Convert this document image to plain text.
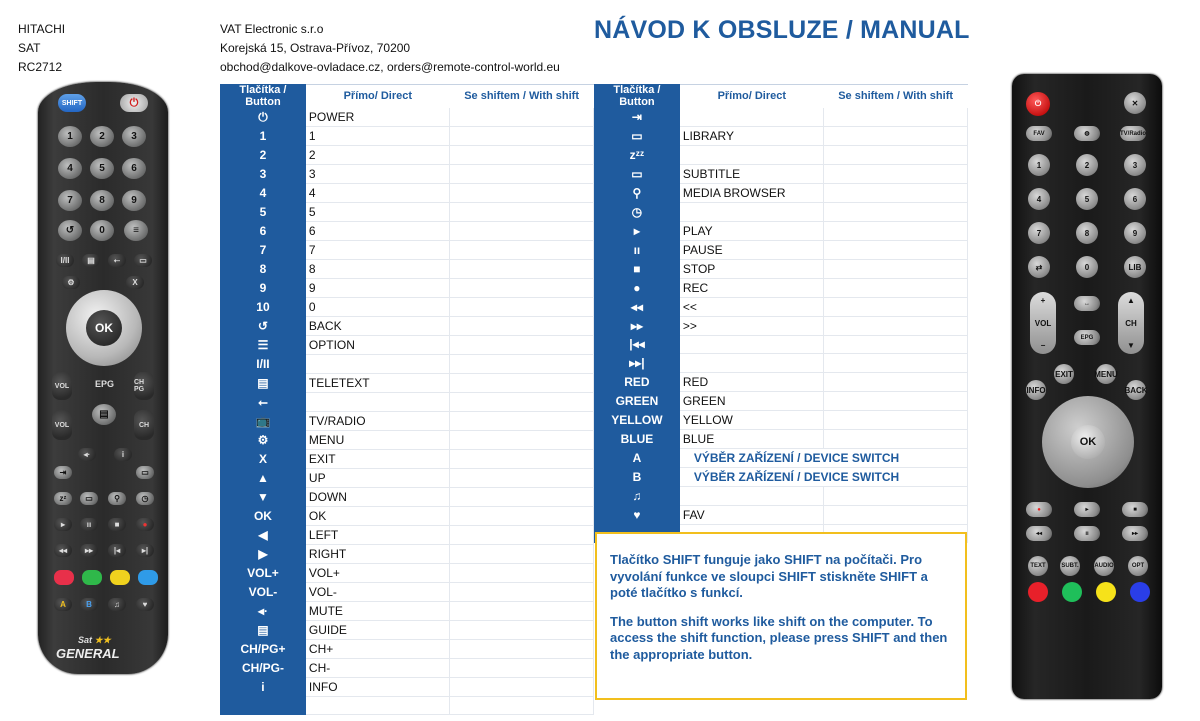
HITACHI
SAT
RC2712
VAT Electronic s.r.o
Korejská 15, Ostrava-Přívoz, 70200
obchod@dalkove-ovladace.cz, orders@remote-control-world.eu
NÁVOD K OBSLUZE / MANUAL
SHIFT	⏻
1	2	3
4	5	6
7	8	9
0
↺	≡
I/II	▤	⭠	▭
⚙	X
OK
VOL	EPG	CH PG
VOL
▤
CH
◂·	i
⇥	▭
zᶻ	▭	⚲	◷
▸	ıı	■	●
◂◂	▸▸	|◂	▸|
A	B	♫	♥
Sat ★★
GENERAL
⏻	✕
FAV	◍	TV/Radio
1	2	3
4	5	6
7	8	9
⇄	0	LIB
+
VOL
−
↔
EPG
▲
CH
▼
EXIT	MENU
INFO	BACK
OK
●	▸	■
◂◂	ıı	▸▸
TEXT	SUBT.	AUDIO	OPT
Tlačítka / Button	Přímo/ Direct	Se shiftem / With shift
⏻	POWER	
1	1	
2	2	
3	3	
4	4	
5	5	
6	6	
7	7	
8	8	
9	9	
10	0	
↺	BACK	
☰	OPTION	
I/II		
▤	TELETEXT	
⭠		
📺	TV/RADIO	
⚙	MENU	
X	EXIT	
▲	UP	
▼	DOWN	
OK	OK	
◀	LEFT	
▶	RIGHT	
VOL+	VOL+	
VOL-	VOL-	
◂·	MUTE	
▤	GUIDE	
CH/PG+	CH+	
CH/PG-	CH-	
i	INFO	

Tlačítka / Button	Přímo/ Direct	Se shiftem / With shift
⇥		
▭	LIBRARY	
zᶻᶻ		
▭	SUBTITLE	
⚲	MEDIA BROWSER	
◷		
▸	PLAY	
ıı	PAUSE	
■	STOP	
●	REC	
◂◂	<<	
▸▸	>>	
|◂◂		
▸▸|		
RED	RED	
GREEN	GREEN	
YELLOW	YELLOW	
BLUE	BLUE	
A	VÝBĚR ZAŘÍZENÍ / DEVICE SWITCH	
B	VÝBĚR ZAŘÍZENÍ / DEVICE SWITCH	
♫		
♥	FAV	

Tlačítko SHIFT funguje jako SHIFT na počítači. Pro vyvolání funkce ve sloupci SHIFT stiskněte SHIFT a poté tlačítko s funkcí.

The button shift works like shift on the computer. To access the shift function, please press SHIFT and then the appropriate button.
